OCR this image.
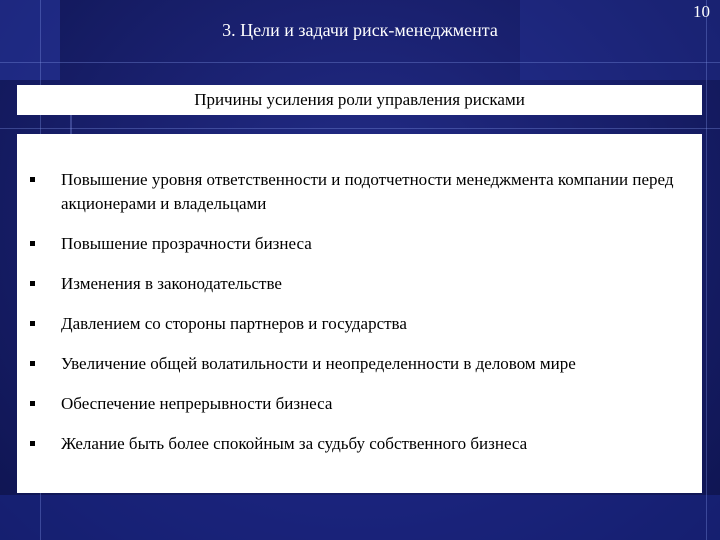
10
3. Цели и задачи риск-менеджмента
Причины усиления роли управления рисками
Повышение уровня ответственности и подотчетности менеджмента компании перед акционерами и владельцами
Повышение прозрачности бизнеса
Изменения в законодательстве
Давлением со стороны партнеров и государства
Увеличение общей волатильности и неопределенности в деловом мире
Обеспечение непрерывности бизнеса
Желание быть более спокойным за судьбу собственного бизнеса
